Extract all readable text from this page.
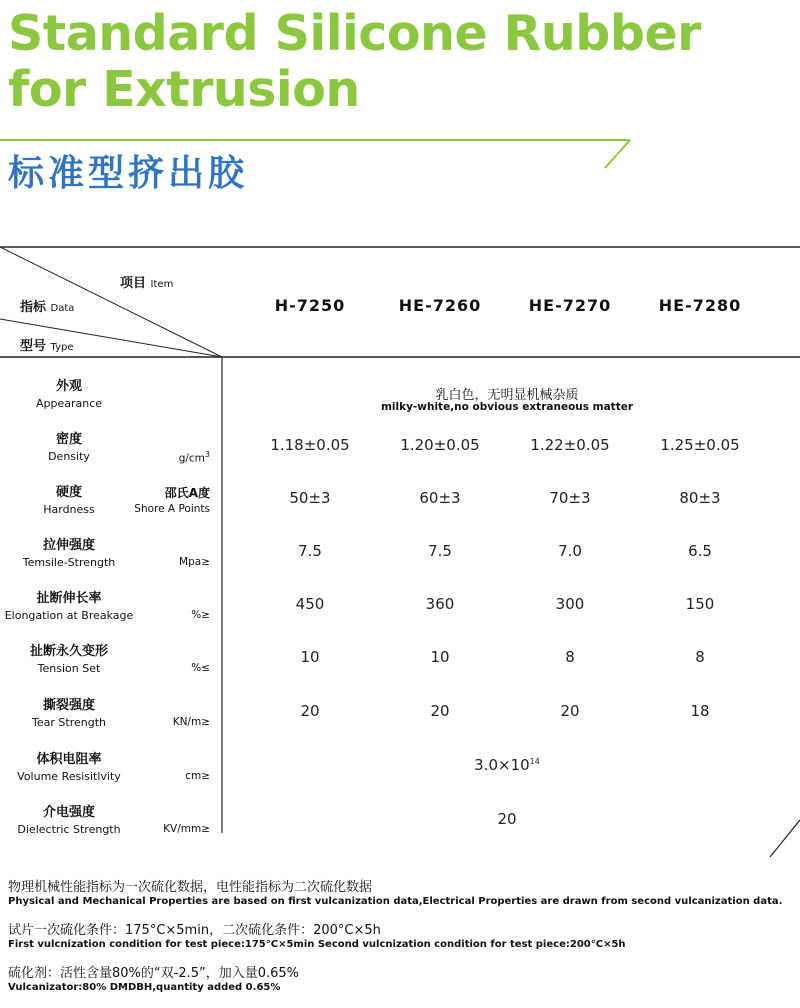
Standard Silicone Rubber
for Extrusion
标准型挤出胶
项目 Item
指标 Data
型号 Type
H-7250	HE-7260	HE-7270	HE-7280
外观
Appearance
乳白色，无明显机械杂质
milky-white,no obvious extraneous matter
密度
Density	$g/cm^3$
1.18±0.05	1.20±0.05	1.22±0.05	1.25±0.05
硬度
Hardness
邵氏A度
Shore A Points
50±3	60±3	70±3	80±3
拉伸强度
Temsile-Strength	Mpa≥
7.5	7.5	7.0	6.5
扯断伸长率
Elongation at Breakage	%≥
450	360	300	150
扯断永久变形
Tension Set	%≤
10	10	8	8
撕裂强度
Tear Strength	KN/m≥
20	20	20	18
体积电阻率
Volume Resisitlvity	cm≥
$3.0\times 10^{14}$
介电强度
Dielectric Strength	KV/mm≥
20
物理机械性能指标为一次硫化数据，电性能指标为二次硫化数据
Physical and Mechanical Properties are based on first vulcanization data,Electrical Properties are drawn from second vulcanization data.
试片一次硫化条件：175°C×5min，二次硫化条件：200°C×5h
First vulcnization condition for test piece:175°C×5min Second vulcnization condition for test piece:200°C×5h
硫化剂：活性含量80%的“双-2.5”，加入量0.65%
Vulcanizator:80% DMDBH,quantity added 0.65%
